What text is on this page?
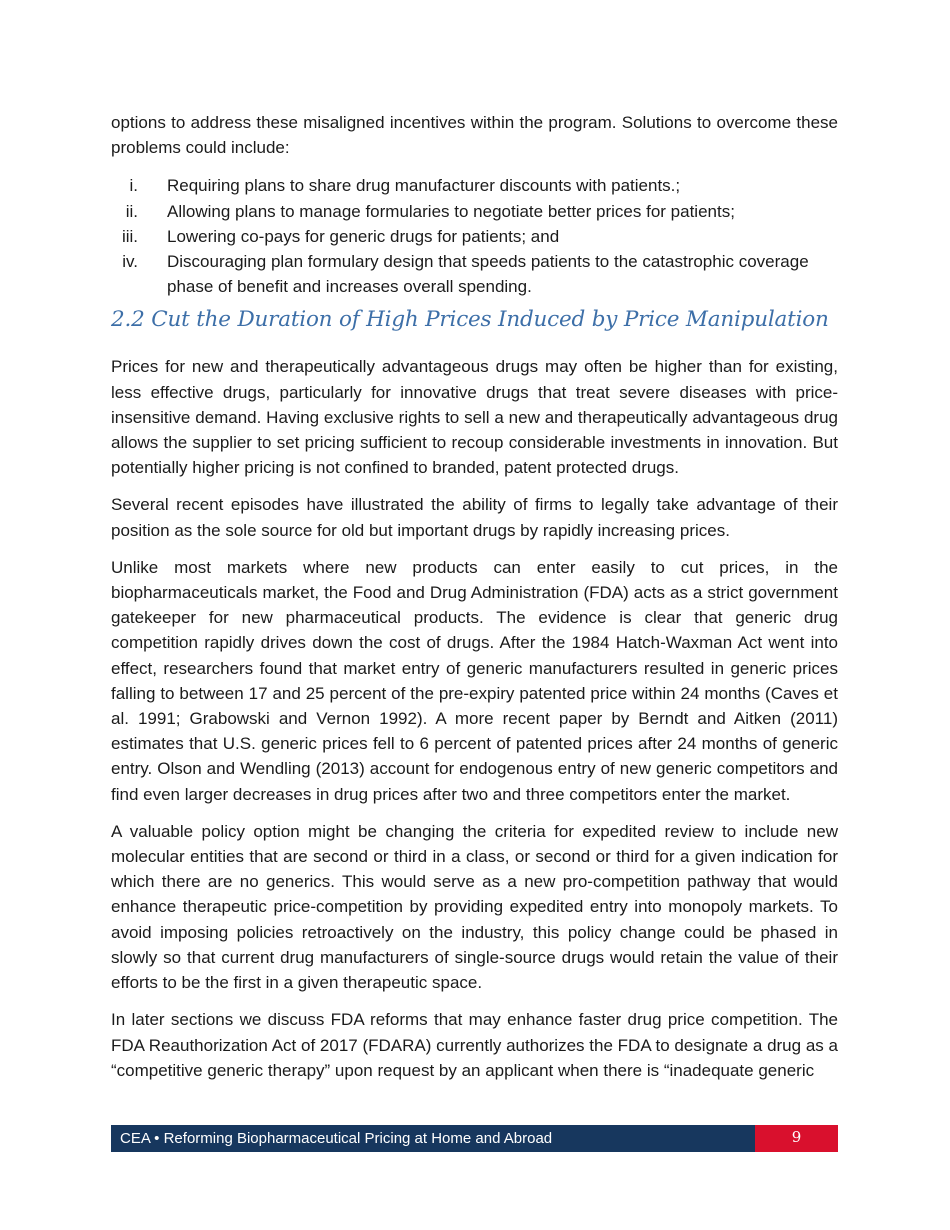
options to address these misaligned incentives within the program. Solutions to overcome these problems could include:

i. Requiring plans to share drug manufacturer discounts with patients.;
ii. Allowing plans to manage formularies to negotiate better prices for patients;
iii. Lowering co-pays for generic drugs for patients; and
iv. Discouraging plan formulary design that speeds patients to the catastrophic coverage phase of benefit and increases overall spending.
2.2 Cut the Duration of High Prices Induced by Price Manipulation

Prices for new and therapeutically advantageous drugs may often be higher than for existing, less effective drugs, particularly for innovative drugs that treat severe diseases with price-insensitive demand. Having exclusive rights to sell a new and therapeutically advantageous drug allows the supplier to set pricing sufficient to recoup considerable investments in innovation. But potentially higher pricing is not confined to branded, patent protected drugs.

Several recent episodes have illustrated the ability of firms to legally take advantage of their position as the sole source for old but important drugs by rapidly increasing prices.

Unlike most markets where new products can enter easily to cut prices, in the biopharmaceuticals market, the Food and Drug Administration (FDA) acts as a strict government gatekeeper for new pharmaceutical products. The evidence is clear that generic drug competition rapidly drives down the cost of drugs. After the 1984 Hatch-Waxman Act went into effect, researchers found that market entry of generic manufacturers resulted in generic prices falling to between 17 and 25 percent of the pre-expiry patented price within 24 months (Caves et al. 1991; Grabowski and Vernon 1992). A more recent paper by Berndt and Aitken (2011) estimates that U.S. generic prices fell to 6 percent of patented prices after 24 months of generic entry. Olson and Wendling (2013) account for endogenous entry of new generic competitors and find even larger decreases in drug prices after two and three competitors enter the market.

A valuable policy option might be changing the criteria for expedited review to include new molecular entities that are second or third in a class, or second or third for a given indication for which there are no generics. This would serve as a new pro-competition pathway that would enhance therapeutic price-competition by providing expedited entry into monopoly markets. To avoid imposing policies retroactively on the industry, this policy change could be phased in slowly so that current drug manufacturers of single-source drugs would retain the value of their efforts to be the first in a given therapeutic space.

In later sections we discuss FDA reforms that may enhance faster drug price competition. The FDA Reauthorization Act of 2017 (FDARA) currently authorizes the FDA to designate a drug as a “competitive generic therapy” upon request by an applicant when there is “inadequate generic

CEA • Reforming Biopharmaceutical Pricing at Home and Abroad	9
